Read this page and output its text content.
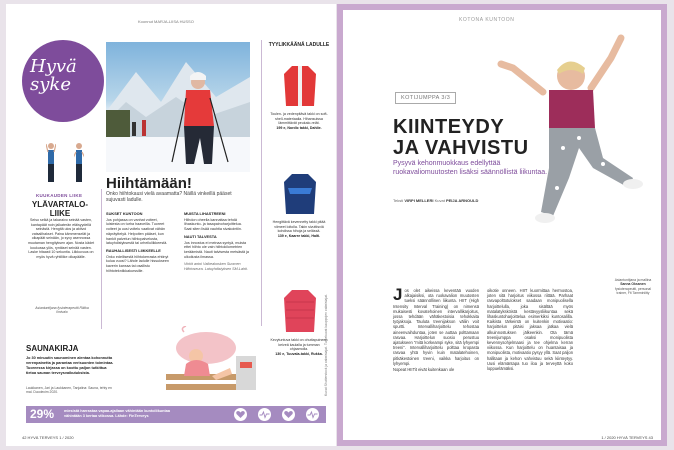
Koonnut MARJA-LIISA HUSSO
Hyvä syke
KUUKAUDEN LIIKE
YLÄVARTALO-LIIKE
Seiso selkä ja takaraivo seinää vasten, kantapäät noin jalkaterän etäisyydellä seinästä. Hengitä ulos ja aktivoi vatsalihakset. Paina kämmenselät ja olkapäät seinään, jo syvy asennossa muutaman hengityksen ajan. Nosta kädet koukussa ylös, ryntäset seinää vasten. Laske hitaasti 10 sekuntia. Liikkuvuus on myös hyvä ryhtiliike olkapäälle.
Asiantuntijana fysioterapeutti Riikka Ilmivalo
Hiihtämään!
Onko hiihtokausi vielä avaamatta? Näillä vinkeillä pääset sujuvasti ladulle.
SUKSET KUNTOON
Jos pohjassa on vanhat voiteet, luistesta on turha haaveilla. Tuoreet voiteet ja uusi voitelu vaativat vähän näpräyttelyä. Helpoiten pääset, kun hankit palvelun hiihtopalvelusta, latuyhdistyksestä tai urheiluliikkeestä.
RAUHALLISESTI LIIKKEELLE
Onko edellisestä hiihtokerrasta ehtinyt kulua vuosi? Lähde ladulle hissukseen kaverin kanssa tai osallistu hiihtotekniikkakurssille.
MUISTA LIHASTREENI
Hiihdon oheella kannattaa tehdä lihaskunto- ja tasapainoharjoittelua. Saat siten lisää vauhtia sivakointiin.
NAUTI TALVESTA
Jos innostus ei meinaa syntyä, muista ettei hiihto ole vain hiihtokilometrien keräämistä. Nauti talvisesta metsästä ja ulkoilusta ilmassa.
Vinkit antoi Valkeakosken Suomen Hiihtoseura. Latuyhdistyksen SM-Lahti.
TYYLIKKÄÄNÄ LADULLE
Toulen- ja vedenpitävä takki on soft-shell-materiaalia. Hihansuissa lämmittävät peukalo-reiät.
199 e, Nordic takki, Dahlie.
Hengittävä kevennetty takki pitää viimeet loitolla. Takin sivuttisviä kohdissa hihoja ja selässä.
139 e, Kaarre takki, Halti.
Kevytuntuva takki on ohuttapuineen keiveä kaulalla ja tumman ohjaamolla.
130 e, Tuuvala-takki, Rukka.
SAUNAKIRJA
Jo 30 minuutin saunominen alentaa kohonnutta verenpainetta ja parantaa verisuonten toimintaa. Tuoreessa kirjassa on koottu paljon tutkittua tietoa saunan terveysvaikutuksista.
Laukkanen, Jari ja Laukkanen, Tanjaiina: Sauna, tehty en mal. Duodecim 2020.
29%	miesistä harrastaa vapaa-ajallaan vähintään kuntoliikuntaa vähintään 3 kertaa viikossa. Lähde: FinTerveys
42 HYVÄ TERVEYS 1 / 2020
Kuvat Shutterstock ja valmistajat. Tuotekuvat kauppojen valmistajat.
KOTONA KUNTOON
KOTIJUMPPA 3/3
KIINTEYDY
JA VAHVISTU
Pysyvä kehonmuokkaus edellyttää ruokavaliomuutosten lisäksi säännöllistä liikuntaa.
Teksti VIRPI MELLERI Kuvat PEIJA ARNOULD
J os olet aikeissa keventää vuoden alkajaisiksi, ota ruokavalion muutosten tueksi säännöllinen liikunta. HIIT (High Intensity Interval Training) on nimensä mukaisesti kovatehoinen intervallikarjoitus, jossa tehdään vähäkestoisia tehokkaita työjaksoja. Tauluta treenijakson väliin voit spurtti. Intervalliharjoittelu tehostaa aineenvaihduntaa, joten se auttaa polttamaan rasvaa. Harjoittelun suosio perustuu ajatukseen “mitä korkeampi syke, sitä lyhyempi treeni”. Intervalliharjoittelu polttaa kropasta rasvaa yhtä hyvin kuin matalatehoinen, pitkäkestoinen treeni, vaikka harjoitus on lyhyempi.
Nopeat HIITit eivät kuitenkaan ole
oikotie onneen. HIIT kuormittaa hermostoa, joten sitä harjoitus viikossa riittää. Parhaat rasvapolttotulokset saadaan monipuolisella harjoittelulla, joka sisältää myös matalatyksköistä kestävyysliikuntaa sekä lihaskuntoharjoittelua esimerkiksi kuntosalilla. Kaikista tärkeintä on kuitenkin motivaatio: harjoittelun pitäisi jaksaa jatkaa vielä alkuinnostuksen jälkeenkin. Ota tämä treenijumppa osaksi monipuolista kevennysohjelmaasi ja tee ohjelma kerran viikossa. Kun harjoittelu on huantaisaa ja monipuolista, motivaatio pysyy yllä. Saat paljon hallitaan ja kehon vahvistuu sekä kiinteytyy. Uusi elämäntapa tuo iloa ja terveyttä koko loppuelämäksi.
Asiantuntijana ja mallina
Sanna Oksanen
fysioterapeutti, personal trainer, Fit Tamminiitty
1 / 2020 HYVÄ TERVEYS 43
